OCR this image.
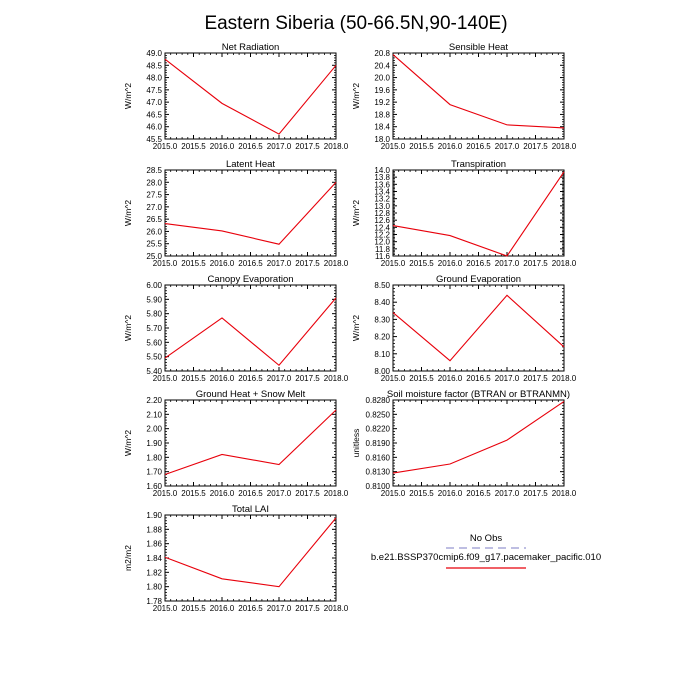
Eastern Siberia (50-66.5N,90-140E)
Net Radiation
W/m^2
2015.0 2015.5 2016.0 2016.5 2017.0 2017.5 2018.0
45.5
46.0
46.5
47.0
47.5
48.0
48.5
49.0
Sensible Heat
W/m^2
2015.0 2015.5 2016.0 2016.5 2017.0 2017.5 2018.0
18.0
18.4
18.8
19.2
19.6
20.0
20.4
20.8
Latent Heat
W/m^2
2015.0 2015.5 2016.0 2016.5 2017.0 2017.5 2018.0
25.0
25.5
26.0
26.5
27.0
27.5
28.0
28.5
Transpiration
W/m^2
2015.0 2015.5 2016.0 2016.5 2017.0 2017.5 2018.0
11.6
11.8
12.0
12.2
12.4
12.6
12.8
13.0
13.2
13.4
13.6
13.8
14.0
Canopy Evaporation
W/m^2
2015.0 2015.5 2016.0 2016.5 2017.0 2017.5 2018.0
5.40
5.50
5.60
5.70
5.80
5.90
6.00
Ground Evaporation
W/m^2
2015.0 2015.5 2016.0 2016.5 2017.0 2017.5 2018.0
8.00
8.10
8.20
8.30
8.40
8.50
Ground Heat + Snow Melt
W/m^2
2015.0 2015.5 2016.0 2016.5 2017.0 2017.5 2018.0
1.60
1.70
1.80
1.90
2.00
2.10
2.20
Soil moisture factor (BTRAN or BTRANMN)
unitless
2015.0 2015.5 2016.0 2016.5 2017.0 2017.5 2018.0
0.8100
0.8130
0.8160
0.8190
0.8220
0.8250
0.8280
Total LAI
m2/m2
2015.0 2015.5 2016.0 2016.5 2017.0 2017.5 2018.0
1.78
1.80
1.82
1.84
1.86
1.88
1.90
No Obs
b.e21.BSSP370cmip6.f09_g17.pacemaker_pacific.010
